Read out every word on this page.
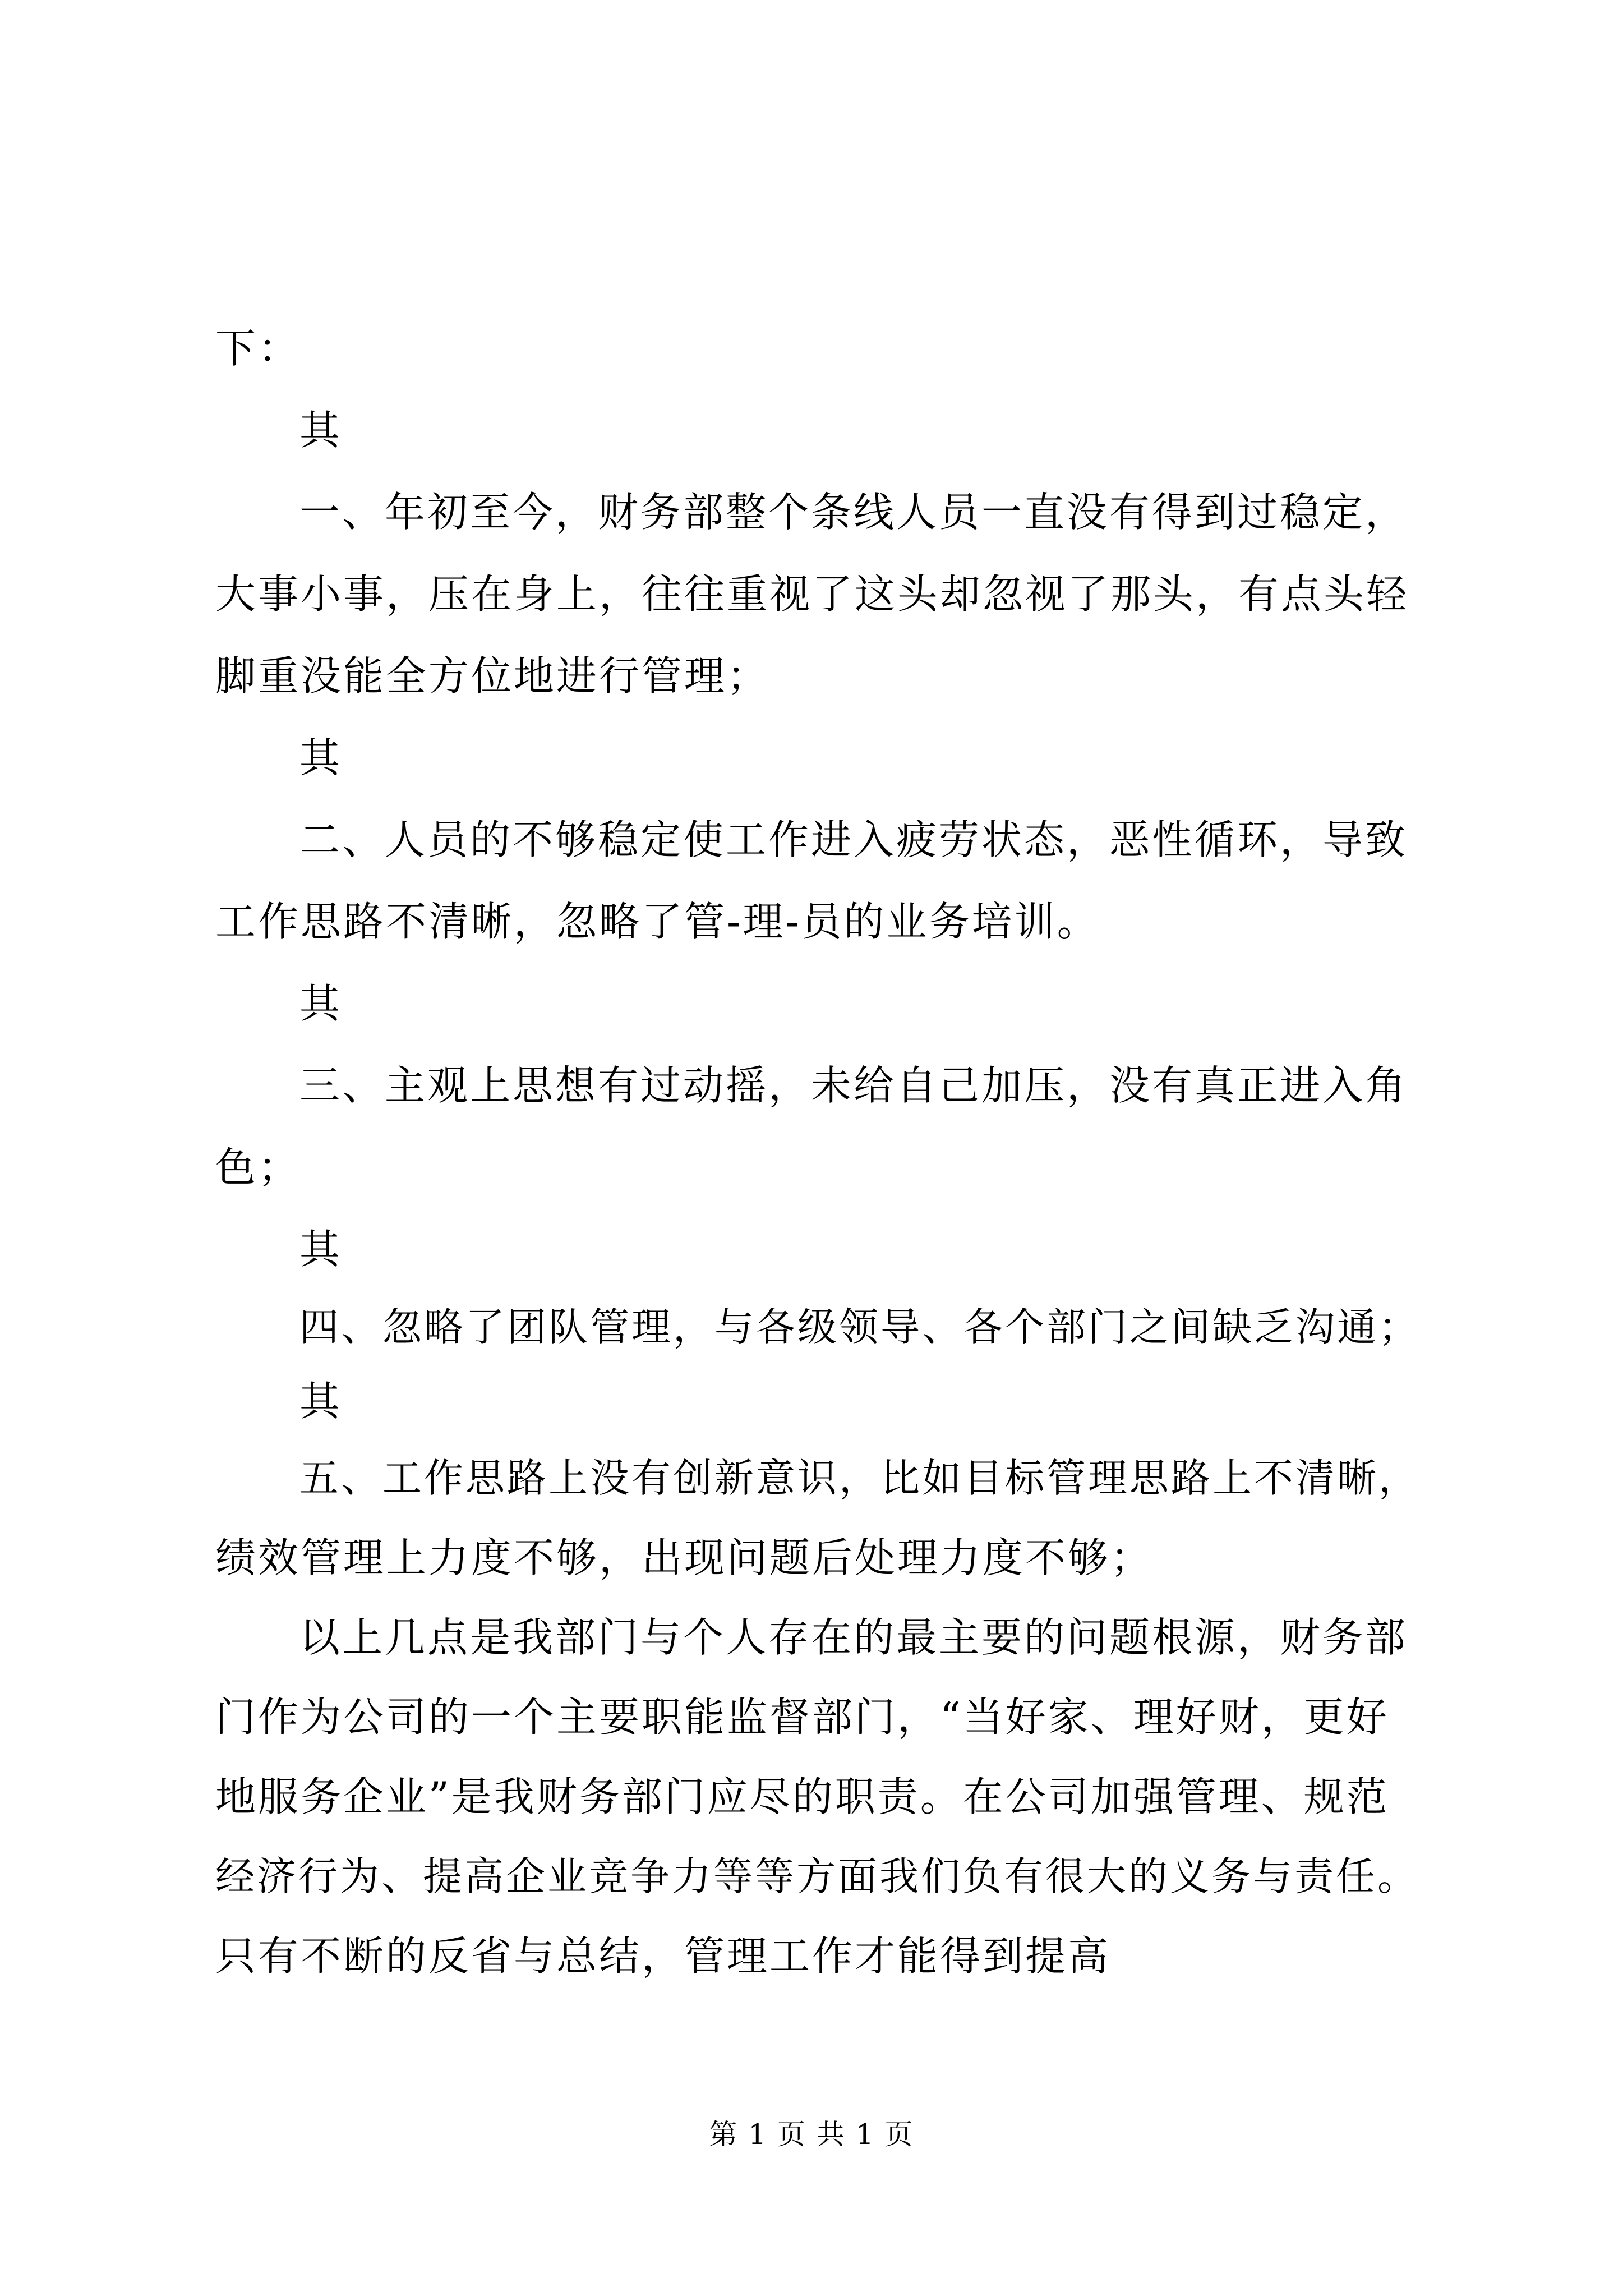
下：
其
一、年初至今，财务部整个条线人员一直没有得到过稳定，
大事小事，压在身上，往往重视了这头却忽视了那头，有点头轻
脚重没能全方位地进行管理；
其
二、人员的不够稳定使工作进入疲劳状态，恶性循环，导致
工作思路不清晰，忽略了管-理-员的业务培训。
其
三、主观上思想有过动摇，未给自己加压，没有真正进入角
色；
其
四、忽略了团队管理，与各级领导、各个部门之间缺乏沟通；
其
五、工作思路上没有创新意识，比如目标管理思路上不清晰，
绩效管理上力度不够，出现问题后处理力度不够；
以上几点是我部门与个人存在的最主要的问题根源，财务部
门作为公司的一个主要职能监督部门，“当好家、理好财，更好
地服务企业”是我财务部门应尽的职责。在公司加强管理、规范
经济行为、提高企业竞争力等等方面我们负有很大的义务与责任。
只有不断的反省与总结，管理工作才能得到提高
第 1 页 共 1 页
